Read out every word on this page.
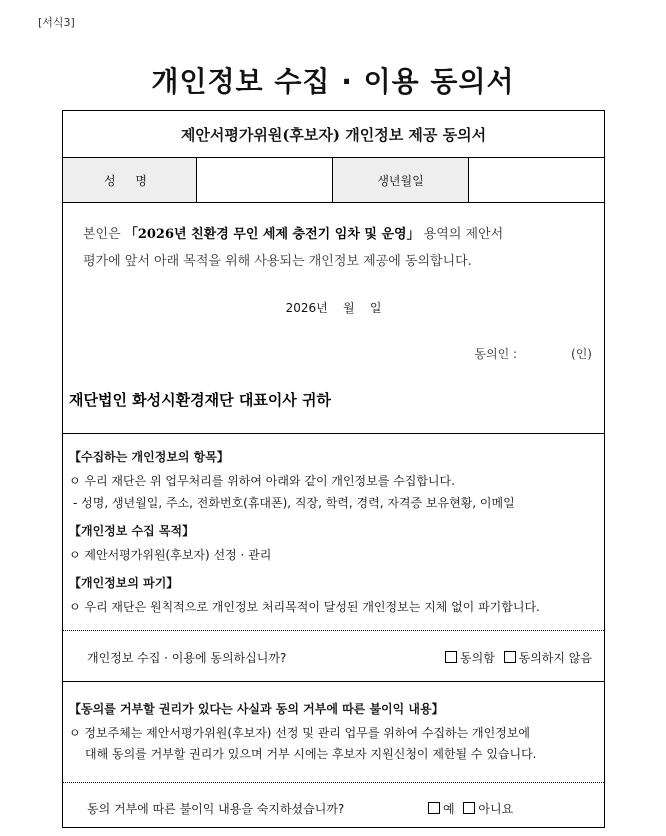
[서식3]
개인정보 수집 · 이용 동의서
제안서평가위원(후보자) 개인정보 제공 동의서
성 명	생년월일

본인은 「2026년 친환경 무인 세제 충전기 임차 및 운영」 용역의 제안서

평가에 앞서 아래 목적을 위해 사용되는 개인정보 제공에 동의합니다.

2026년    월    일
동의인 :	(인)
재단법인 화성시환경재단 대표이사 귀하
【수집하는 개인정보의 항목】
ㅇ 우리 재단은 위 업무처리를 위하여 아래와 같이 개인정보를 수집합니다.
- 성명, 생년월일, 주소, 전화번호(휴대폰), 직장, 학력, 경력, 자격증 보유현황, 이메일
【개인정보 수집 목적】
ㅇ 제안서평가위원(후보자) 선정 · 관리
【개인정보의 파기】
ㅇ 우리 재단은 원칙적으로 개인정보 처리목적이 달성된 개인정보는 지체 없이 파기합니다.
개인정보 수집 · 이용에 동의하십니까?	동의함 동의하지 않음
【동의를 거부할 권리가 있다는 사실과 동의 거부에 따른 불이익 내용】
ㅇ 정보주체는 제안서평가위원(후보자) 선정 및 관리 업무를 위하여 수집하는 개인정보에
대해 동의를 거부할 권리가 있으며 거부 시에는 후보자 지원신청이 제한될 수 있습니다.
동의 거부에 따른 불이익 내용을 숙지하셨습니까?	예 아니요
